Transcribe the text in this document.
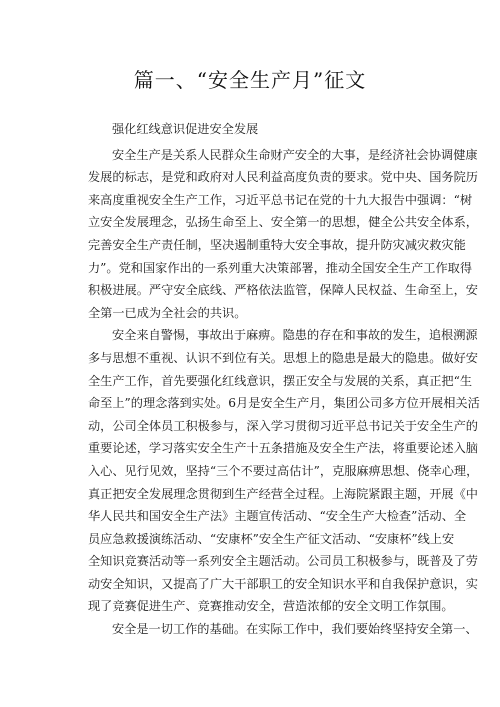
篇一、“安全生产月”征文
强化红线意识促进安全发展
安全生产是关系人民群众生命财产安全的大事，是经济社会协调健康
发展的标志，是党和政府对人民利益高度负责的要求。党中央、国务院历
来高度重视安全生产工作，习近平总书记在党的十九大报告中强调：“树
立安全发展理念，弘扬生命至上、安全第一的思想，健全公共安全体系，
完善安全生产责任制，坚决遏制重特大安全事故，提升防灾减灾救灾能
力”。党和国家作出的一系列重大决策部署，推动全国安全生产工作取得
积极进展。严守安全底线、严格依法监管，保障人民权益、生命至上，安
全第一已成为全社会的共识。
安全来自警惕，事故出于麻痹。隐患的存在和事故的发生，追根溯源
多与思想不重视、认识不到位有关。思想上的隐患是最大的隐患。做好安
全生产工作，首先要强化红线意识，摆正安全与发展的关系，真正把“生
命至上”的理念落到实处。6月是安全生产月，集团公司多方位开展相关活
动，公司全体员工积极参与，深入学习贯彻习近平总书记关于安全生产的
重要论述，学习落实安全生产十五条措施及安全生产法，将重要论述入脑
入心、见行见效，坚持“三个不要过高估计”，克服麻痹思想、侥幸心理，
真正把安全发展理念贯彻到生产经营全过程。上海院紧跟主题，开展《中
华人民共和国安全生产法》主题宣传活动、“安全生产大检查”活动、全
员应急救援演练活动、“安康杯”安全生产征文活动、“安康杯”线上安
全知识竞赛活动等一系列安全主题活动。公司员工积极参与，既普及了劳
动安全知识，又提高了广大干部职工的安全知识水平和自我保护意识，实
现了竞赛促进生产、竞赛推动安全，营造浓郁的安全文明工作氛围。
安全是一切工作的基础。在实际工作中，我们要始终坚持安全第一、
